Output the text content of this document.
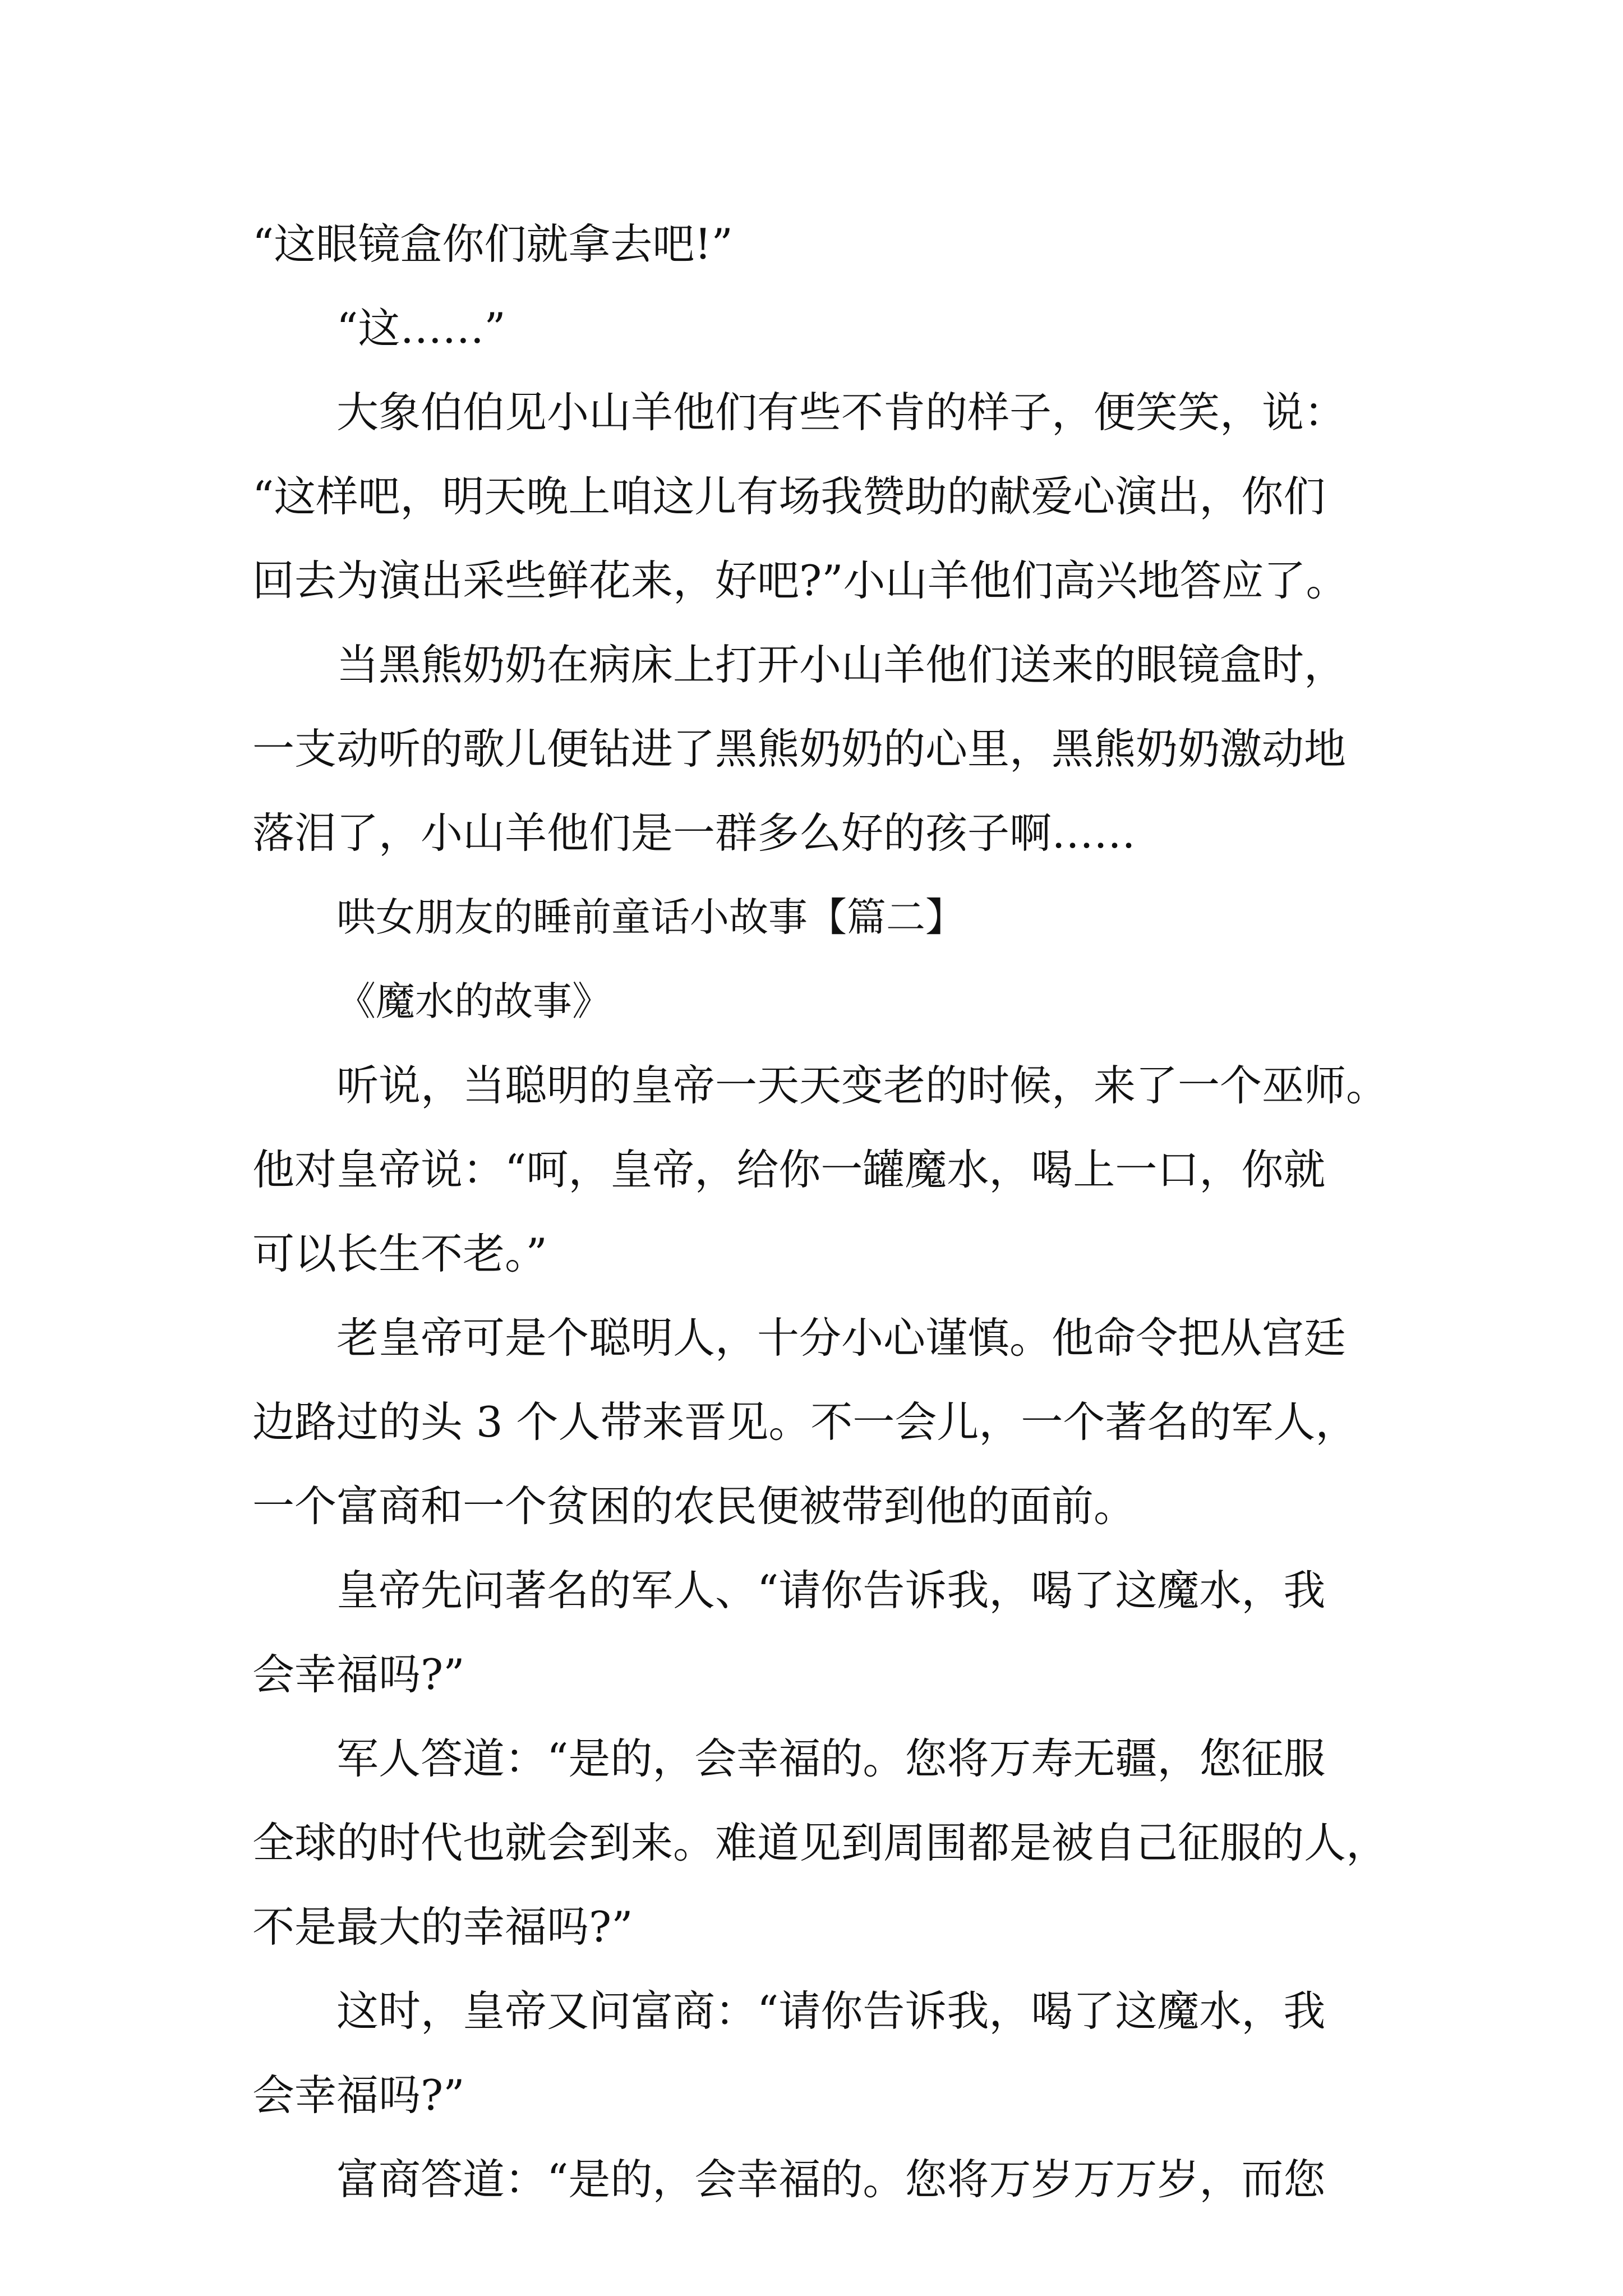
“这眼镜盒你们就拿去吧!”
“这……”
大象伯伯见小山羊他们有些不肯的样子，便笑笑，说：
“这样吧，明天晚上咱这儿有场我赞助的献爱心演出，你们
回去为演出采些鲜花来，好吧?”小山羊他们高兴地答应了。
当黑熊奶奶在病床上打开小山羊他们送来的眼镜盒时，
一支动听的歌儿便钻进了黑熊奶奶的心里，黑熊奶奶激动地
落泪了，小山羊他们是一群多么好的孩子啊……
哄女朋友的睡前童话小故事【篇二】
《魔水的故事》
听说，当聪明的皇帝一天天变老的时候，来了一个巫师。
他对皇帝说：“呵，皇帝，给你一罐魔水，喝上一口，你就
可以长生不老。”
老皇帝可是个聪明人，十分小心谨慎。他命令把从宫廷
边路过的头 3 个人带来晋见。不一会儿，一个著名的军人，
一个富商和一个贫困的农民便被带到他的面前。
皇帝先问著名的军人、“请你告诉我，喝了这魔水，我
会幸福吗?”
军人答道：“是的，会幸福的。您将万寿无疆，您征服
全球的时代也就会到来。难道见到周围都是被自己征服的人，
不是最大的幸福吗?”
这时，皇帝又问富商：“请你告诉我，喝了这魔水，我
会幸福吗?”
富商答道：“是的，会幸福的。您将万岁万万岁，而您
